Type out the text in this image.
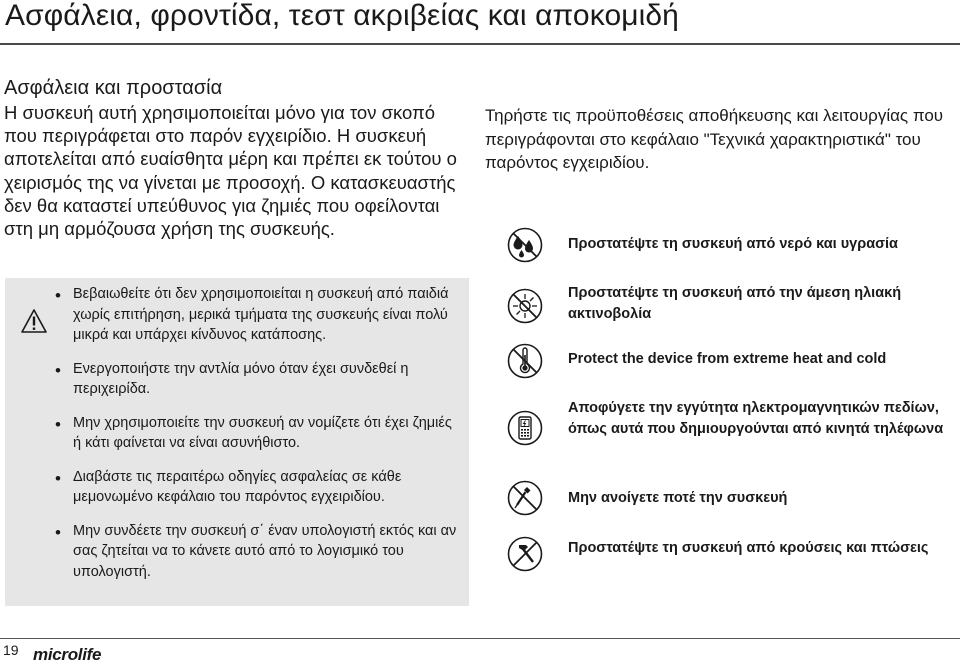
Ασφάλεια, φροντίδα, τεστ ακριβείας και αποκομιδή
Ασφάλεια και προστασία
Η συσκευή αυτή χρησιμοποιείται μόνο για τον σκοπό που περιγράφεται στο παρόν εγχειρίδιο. Η συσκευή αποτελείται από ευαίσθητα μέρη και πρέπει εκ τούτου ο χειρισμός της να γίνεται με προσοχή. Ο κατασκευαστής δεν θα καταστεί υπεύθυνος για ζημιές που οφείλονται στη μη αρμόζουσα χρήση της συσκευής.
• Βεβαιωθείτε ότι δεν χρησιμοποιείται η συσκευή από παιδιά χωρίς επιτήρηση, μερικά τμήματα της συσκευής είναι πολύ μικρά και υπάρχει κίνδυνος κατάποσης.
• Ενεργοποιήστε την αντλία μόνο όταν έχει συνδεθεί η περιχειρίδα.
• Μην χρησιμοποιείτε την συσκευή αν νομίζετε ότι έχει ζημιές ή κάτι φαίνεται να είναι ασυνήθιστο.
• Διαβάστε τις περαιτέρω οδηγίες ασφαλείας σε κάθε μεμονωμένο κεφάλαιο του παρόντος εγχειριδίου.
• Μην συνδέετε την συσκευή σ΄ έναν υπολογιστή εκτός και αν σας ζητείται να το κάνετε αυτό από το λογισμικό του υπολογιστή.
Τηρήστε τις προϋποθέσεις αποθήκευσης και λειτουργίας που περιγράφονται στο κεφάλαιο "Τεχνικά χαρακτηριστικά" του παρόντος εγχειριδίου.
Προστατέψτε τη συσκευή από νερό και υγρασία
Προστατέψτε τη συσκευή από την άμεση ηλιακή ακτινοβολία
Protect the device from extreme heat and cold
Αποφύγετε την εγγύτητα ηλεκτρομαγνητικών πεδίων, όπως αυτά που δημιουργούνται από κινητά τηλέφωνα
Μην ανοίγετε ποτέ την συσκευή
Προστατέψτε τη συσκευή από κρούσεις και πτώσεις
19 microlife
